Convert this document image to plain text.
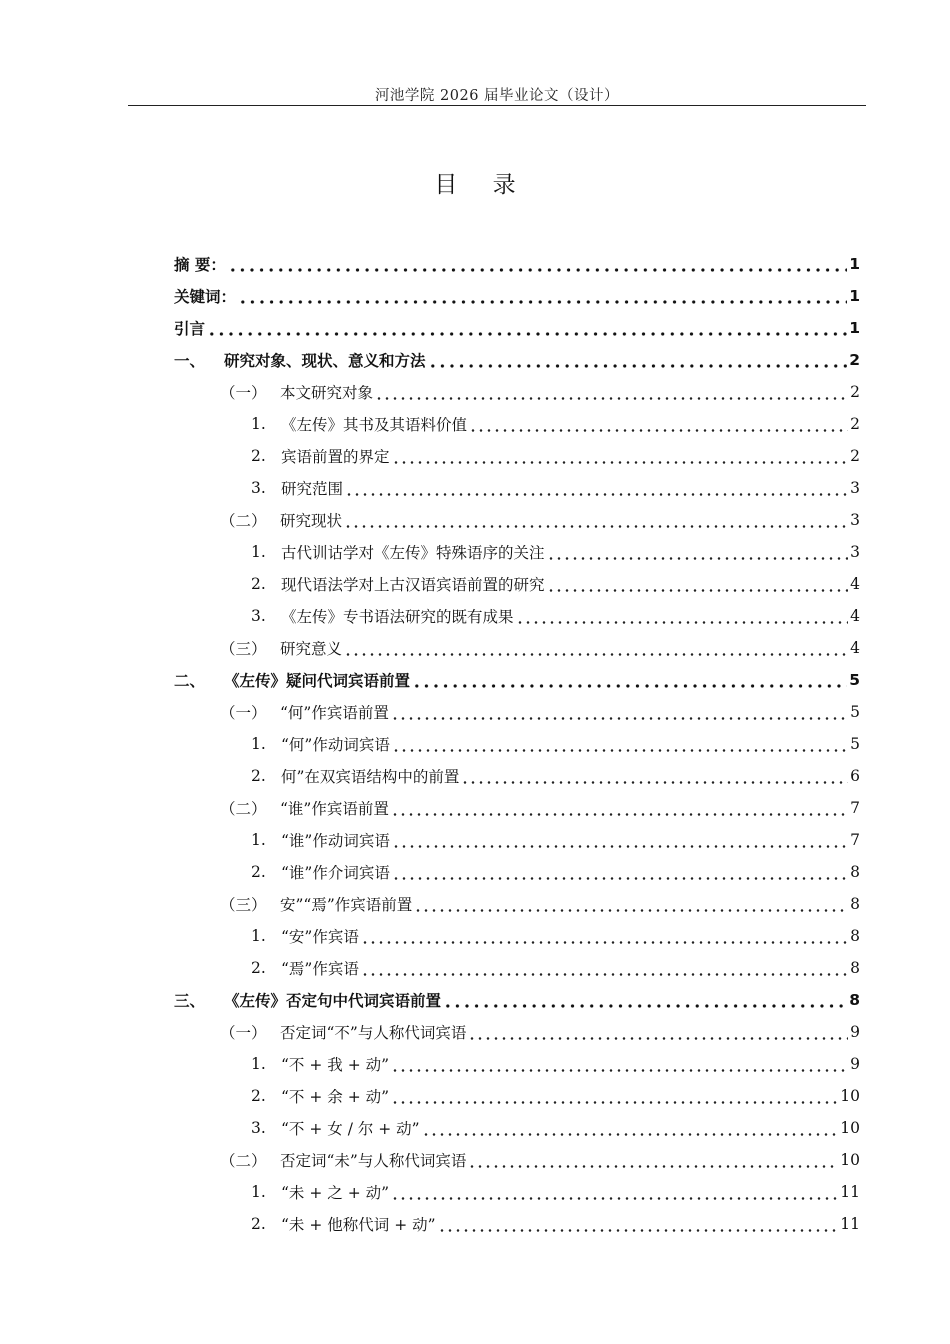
河池学院 2026 届毕业论文（设计）
目 录
摘 要：	1
关键词：	1
引言	1
一、	研究对象、现状、意义和方法	2
（一） 本文研究对象	2
1. 《左传》其书及其语料价值	2
2. 宾语前置的界定	2
3. 研究范围	3
（二） 研究现状	3
1. 古代训诂学对《左传》特殊语序的关注	3
2. 现代语法学对上古汉语宾语前置的研究	4
3. 《左传》专书语法研究的既有成果	4
（三） 研究意义	4
二、	《左传》疑问代词宾语前置	5
（一） “何”作宾语前置	5
1. “何”作动词宾语	5
2. 何”在双宾语结构中的前置	6
（二） “谁”作宾语前置	7
1. “谁”作动词宾语	7
2. “谁”作介词宾语	8
（三） 安”“焉”作宾语前置	8
1. “安”作宾语	8
2. “焉”作宾语	8
三、	《左传》否定句中代词宾语前置	8
（一） 否定词“不”与人称代词宾语	9
1. “不 + 我 + 动”	9
2. “不 + 余 + 动”	10
3. “不 + 女 / 尔 + 动”	10
（二） 否定词“未”与人称代词宾语	10
1. “未 + 之 + 动”	11
2. “未 + 他称代词 + 动”	11
